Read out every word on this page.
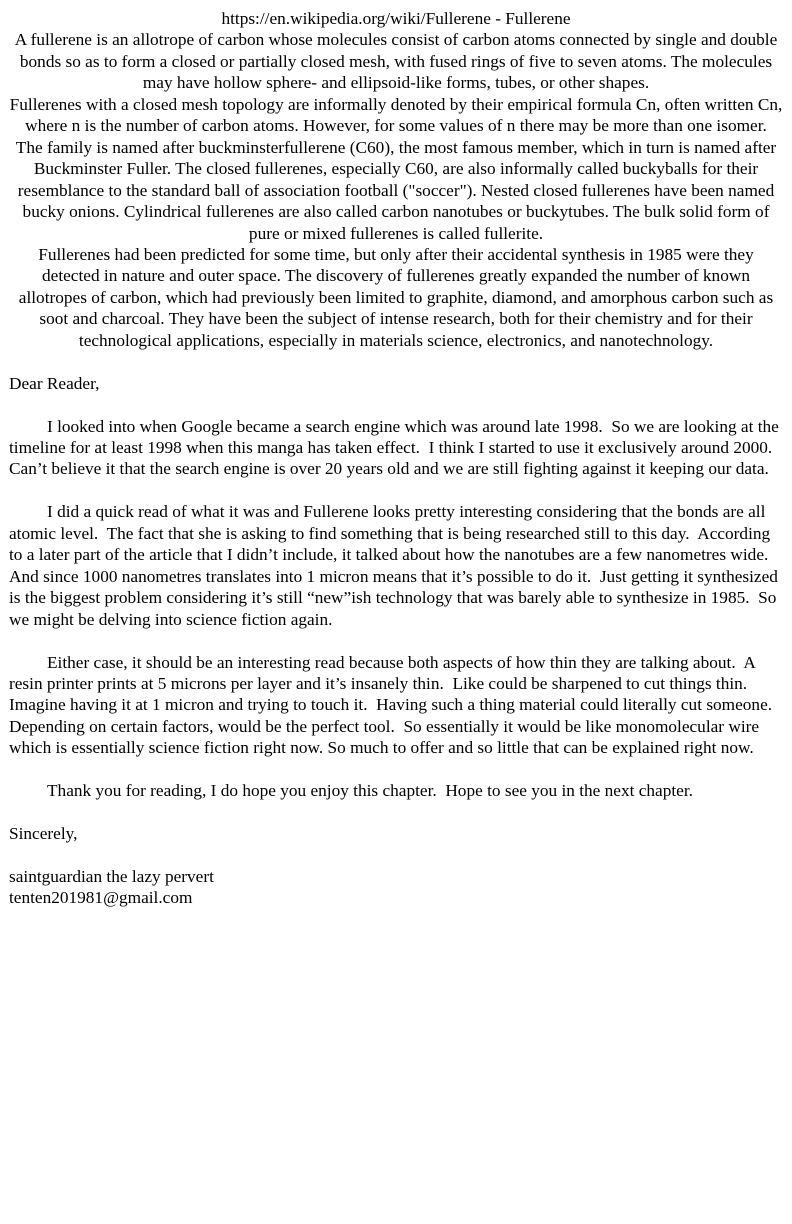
https://en.wikipedia.org/wiki/Fullerene - Fullerene

A fullerene is an allotrope of carbon whose molecules consist of carbon atoms connected by single and double bonds so as to form a closed or partially closed mesh, with fused rings of five to seven atoms. The molecules may have hollow sphere- and ellipsoid-like forms, tubes, or other shapes.

Fullerenes with a closed mesh topology are informally denoted by their empirical formula Cn, often written Cn, where n is the number of carbon atoms. However, for some values of n there may be more than one isomer.

The family is named after buckminsterfullerene (C60), the most famous member, which in turn is named after Buckminster Fuller. The closed fullerenes, especially C60, are also informally called buckyballs for their resemblance to the standard ball of association football ("soccer"). Nested closed fullerenes have been named bucky onions. Cylindrical fullerenes are also called carbon nanotubes or buckytubes. The bulk solid form of pure or mixed fullerenes is called fullerite.

Fullerenes had been predicted for some time, but only after their accidental synthesis in 1985 were they detected in nature and outer space. The discovery of fullerenes greatly expanded the number of known allotropes of carbon, which had previously been limited to graphite, diamond, and amorphous carbon such as soot and charcoal. They have been the subject of intense research, both for their chemistry and for their technological applications, especially in materials science, electronics, and nanotechnology.

Dear Reader,

I looked into when Google became a search engine which was around late 1998.  So we are looking at the timeline for at least 1998 when this manga has taken effect.  I think I started to use it exclusively around 2000.  Can’t believe it that the search engine is over 20 years old and we are still fighting against it keeping our data.

I did a quick read of what it was and Fullerene looks pretty interesting considering that the bonds are all atomic level.  The fact that she is asking to find something that is being researched still to this day.  According to a later part of the article that I didn’t include, it talked about how the nanotubes are a few nanometres wide.  And since 1000 nanometres translates into 1 micron means that it’s possible to do it.  Just getting it synthesized is the biggest problem considering it’s still “new”ish technology that was barely able to synthesize in 1985.  So we might be delving into science fiction again.

Either case, it should be an interesting read because both aspects of how thin they are talking about.  A resin printer prints at 5 microns per layer and it’s insanely thin.  Like could be sharpened to cut things thin.  Imagine having it at 1 micron and trying to touch it.  Having such a thing material could literally cut someone.  Depending on certain factors, would be the perfect tool.  So essentially it would be like monomolecular wire which is essentially science fiction right now. So much to offer and so little that can be explained right now.

Thank you for reading, I do hope you enjoy this chapter.  Hope to see you in the next chapter.

Sincerely,

saintguardian the lazy pervert

tenten201981@gmail.com
